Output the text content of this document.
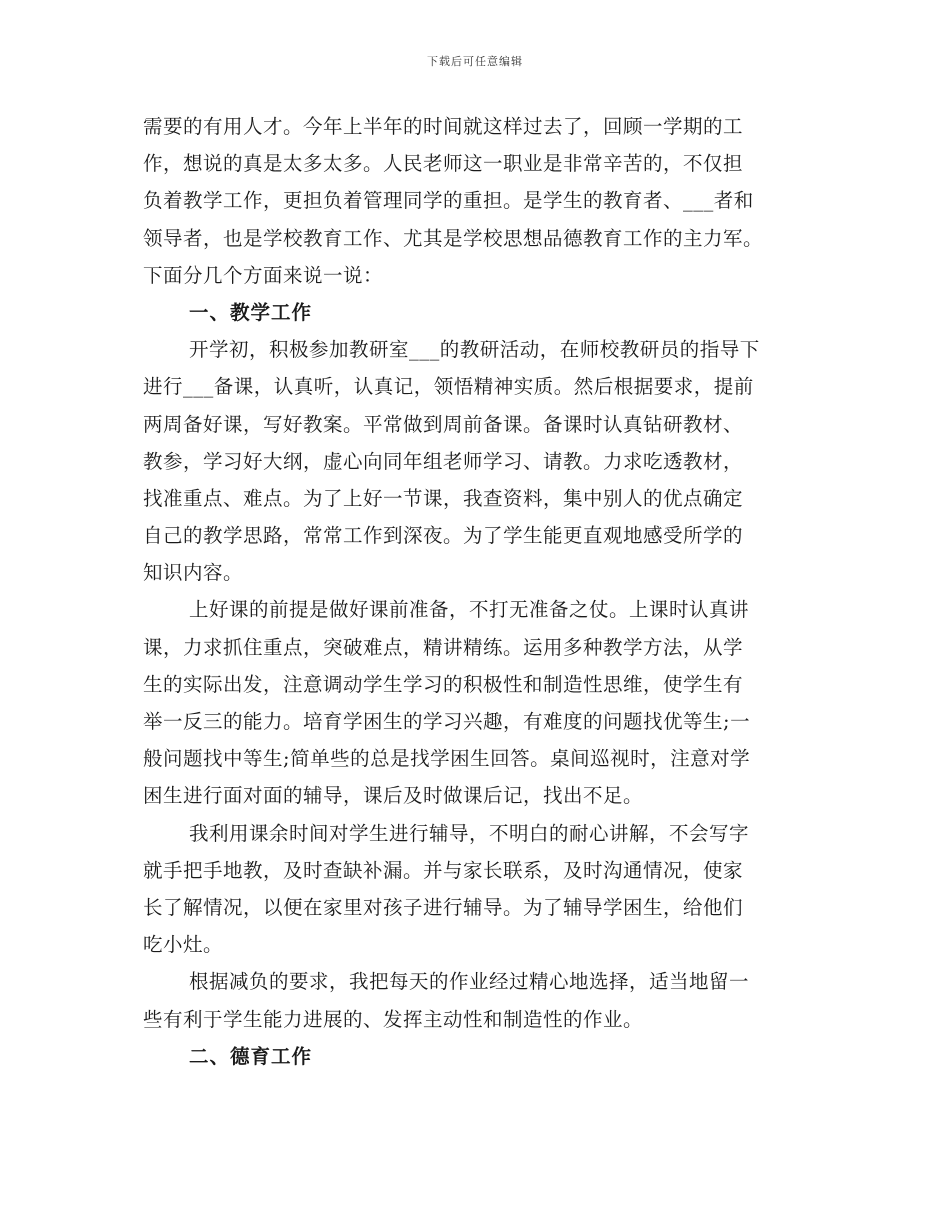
下载后可任意编辑
需要的有用人才。今年上半年的时间就这样过去了，回顾一学期的工
作，想说的真是太多太多。人民老师这一职业是非常辛苦的，不仅担
负着教学工作，更担负着管理同学的重担。是学生的教育者、___者和
领导者，也是学校教育工作、尤其是学校思想品德教育工作的主力军。
下面分几个方面来说一说：
一、教学工作
开学初，积极参加教研室___的教研活动，在师校教研员的指导下
进行___备课，认真听，认真记，领悟精神实质。然后根据要求，提前
两周备好课，写好教案。平常做到周前备课。备课时认真钻研教材、
教参，学习好大纲，虚心向同年组老师学习、请教。力求吃透教材，
找准重点、难点。为了上好一节课，我查资料，集中别人的优点确定
自己的教学思路，常常工作到深夜。为了学生能更直观地感受所学的
知识内容。
上好课的前提是做好课前准备，不打无准备之仗。上课时认真讲
课，力求抓住重点，突破难点，精讲精练。运用多种教学方法，从学
生的实际出发，注意调动学生学习的积极性和制造性思维，使学生有
举一反三的能力。培育学困生的学习兴趣，有难度的问题找优等生;一
般问题找中等生;简单些的总是找学困生回答。桌间巡视时，注意对学
困生进行面对面的辅导，课后及时做课后记，找出不足。
我利用课余时间对学生进行辅导，不明白的耐心讲解，不会写字
就手把手地教，及时查缺补漏。并与家长联系，及时沟通情况，使家
长了解情况，以便在家里对孩子进行辅导。为了辅导学困生，给他们
吃小灶。
根据减负的要求，我把每天的作业经过精心地选择，适当地留一
些有利于学生能力进展的、发挥主动性和制造性的作业。
二、德育工作
